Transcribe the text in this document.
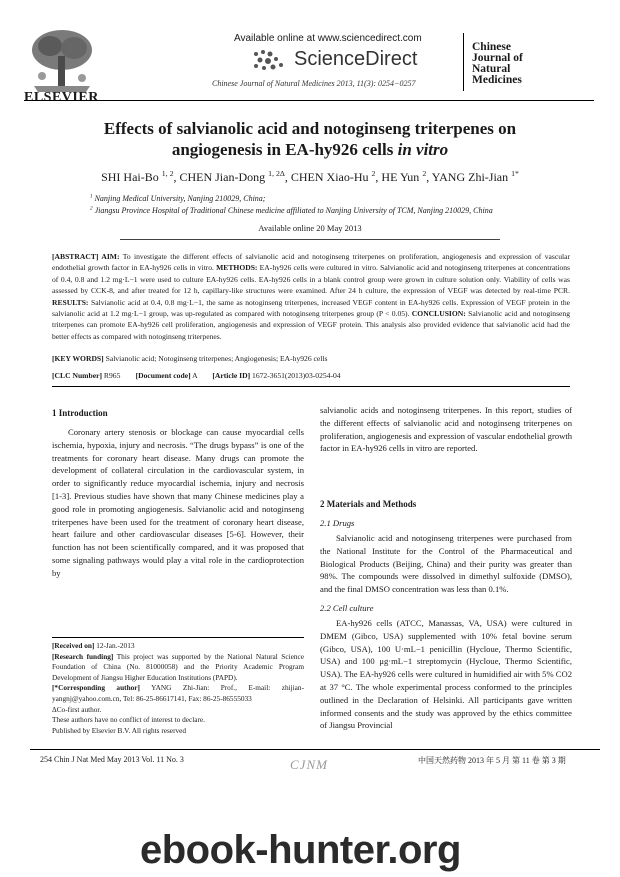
ELSEVIER
Available online at www.sciencedirect.com
ScienceDirect
Chinese Journal of Natural Medicines 2013, 11(3): 0254−0257
Chinese
Journal of
Natural
Medicines
Effects of salvianolic acid and notoginseng triterpenes on
angiogenesis in EA-hy926 cells in vitro
SHI Hai-Bo $^{1, 2}$, CHEN Jian-Dong $^{1, 2\Delta}$, CHEN Xiao-Hu $^2$, HE Yun $^2$, YANG Zhi-Jian $^{1*}$
$^1$ Nanjing Medical University, Nanjing 210029, China;
$^2$ Jiangsu Province Hospital of Traditional Chinese medicine affiliated to Nanjing University of TCM, Nanjing 210029, China
Available online 20 May 2013
[ABSTRACT] AIM: To investigate the different effects of salvianolic acid and notoginseng triterpenes on proliferation, angiogenesis and expression of vascular endothelial growth factor in EA-hy926 cells in vitro. METHODS: EA-hy926 cells were cultured in vitro. Salvianolic acid and notoginseng triterpenes at concentrations of 0.4, 0.8 and 1.2 mg·L−1 were used to culture EA-hy926 cells. EA-hy926 cells in a blank control group were grown in culture solution only. Viability of cells was assessed by CCK-8, and after treated for 12 h, capillary-like structures were examined. After 24 h culture, the expression of VEGF was detected by real-time PCR. RESULTS: Salvianolic acid at 0.4, 0.8 mg·L−1, the same as notoginseng triterpenes, increased VEGF content in EA-hy926 cells. Expression of VEGF protein in the salvianolic acid at 1.2 mg·L−1 group, was up-regulated as compared with notoginseng triterpenes group (P < 0.05). CONCLUSION: Salvianolic acid and notoginseng triterpenes can promote EA-hy926 cell proliferation, angiogenesis and expression of VEGF protein. This analysis also provided evidence that salvianolic acid had the better effects as compared with notoginseng triterpenes.
[KEY WORDS] Salvianolic acid; Notoginseng triterpenes; Angiogenesis; EA-hy926 cells
[CLC Number] R965 [Document code] A [Article ID] 1672-3651(2013)03-0254-04
1 Introduction
Coronary artery stenosis or blockage can cause myocardial cells ischemia, hypoxia, injury and necrosis. “The drugs bypass” is one of the treatments for coronary heart disease. Many drugs can promote the development of collateral circulation in the cardiovascular system, in order to significantly reduce myocardial ischemia, injury and necrosis [1-3]. Previous studies have shown that many Chinese medicines play a good role in promoting angiogenesis. Salvianolic acid and notoginseng triterpenes have been used for the treatment of coronary heart disease, heart failure and other cardiovascular diseases [5-6]. However, their function has not been scientifically compared, and it was proposed that some signaling pathways would play a vital role in the cardioprotection by
[Received on] 12-Jan.-2013
[Research funding] This project was supported by the National Natural Science Foundation of China (No. 81000058) and the Priority Academic Program Development of Jiangsu Higher Education Institutions (PAPD).
[*Corresponding author] YANG Zhi-Jian: Prof., E-mail: zhijian-yangnj@yahoo.com.cn, Tel: 86-25-86617141, Fax: 86-25-86555033
ΔCo-first author.
These authors have no conflict of interest to declare.
Published by Elsevier B.V. All rights reserved
salvianolic acids and notoginseng triterpenes. In this report, studies of the different effects of salvianolic acid and notoginseng triterpenes on proliferation, angiogenesis and expression of vascular endothelial growth factor in EA-hy926 cells in vitro are reported.
2 Materials and Methods
2.1 Drugs
Salvianolic acid and notoginseng triterpenes were purchased from the National Institute for the Control of the Pharmaceutical and Biological Products (Beijing, China) and their purity was greater than 98%. The compounds were dissolved in dimethyl sulfoxide (DMSO), and the final DMSO concentration was less than 0.1%.
2.2 Cell culture
EA-hy926 cells (ATCC, Manassas, VA, USA) were cultured in DMEM (Gibco, USA) supplemented with 10% fetal bovine serum (Gibco, USA), 100 U·mL−1 penicillin (Hycloue, Thermo Scientific, USA) and 100 μg·mL−1 streptomycin (Hycloue, Thermo Scientific, USA). The EA-hy926 cells were cultured in humidified air with 5% CO2 at 37 °C. The whole experimental process conformed to the principles outlined in the Declaration of Helsinki. All participants gave written informed consents and the study was approved by the ethics committee of Jiangsu Provincial
254 Chin J Nat Med May 2013 Vol. 11 No. 3	CJNM	中国天然药物 2013 年 5 月 第 11 卷 第 3 期
ebook-hunter.org
